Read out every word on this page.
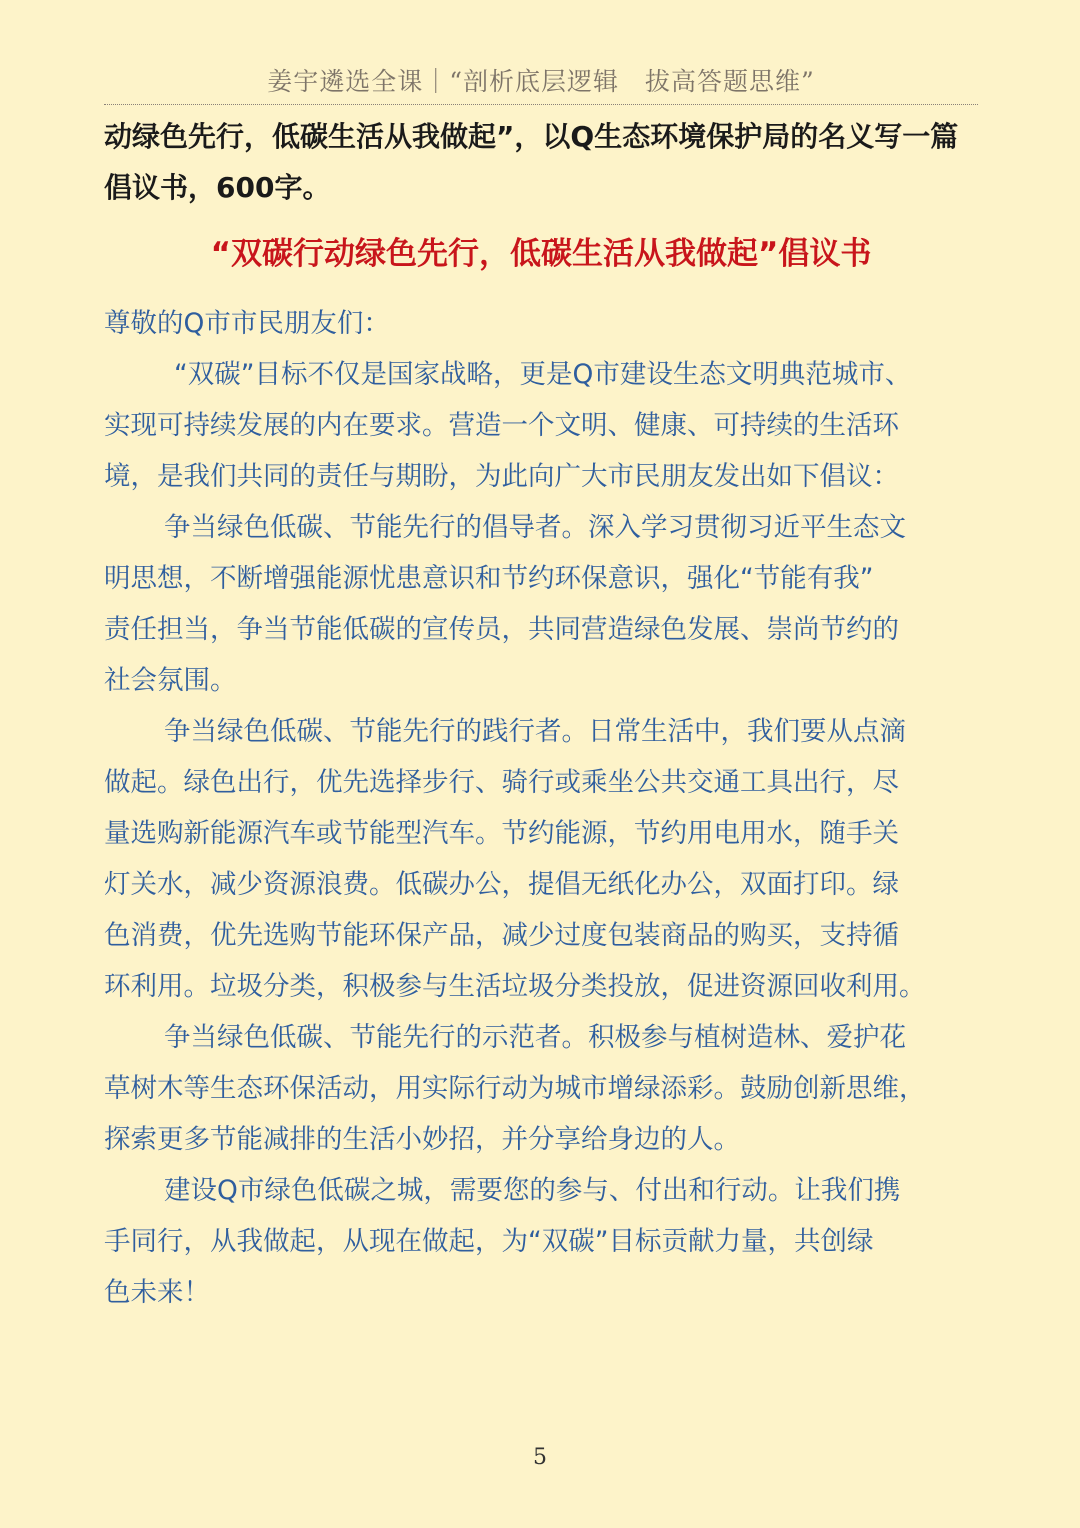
姜宇遴选全课｜“剖析底层逻辑　拔高答题思维”
动绿色先行，低碳生活从我做起”，以Q生态环境保护局的名义写一篇
倡议书，600字。
“双碳行动绿色先行，低碳生活从我做起”倡议书
尊敬的Q市市民朋友们：
“双碳”目标不仅是国家战略，更是Q市建设生态文明典范城市、
实现可持续发展的内在要求。营造一个文明、健康、可持续的生活环
境，是我们共同的责任与期盼，为此向广大市民朋友发出如下倡议：
争当绿色低碳、节能先行的倡导者。深入学习贯彻习近平生态文
明思想，不断增强能源忧患意识和节约环保意识，强化“节能有我”
责任担当，争当节能低碳的宣传员，共同营造绿色发展、崇尚节约的
社会氛围。
争当绿色低碳、节能先行的践行者。日常生活中，我们要从点滴
做起。绿色出行，优先选择步行、骑行或乘坐公共交通工具出行，尽
量选购新能源汽车或节能型汽车。节约能源，节约用电用水，随手关
灯关水，减少资源浪费。低碳办公，提倡无纸化办公，双面打印。绿
色消费，优先选购节能环保产品，减少过度包装商品的购买，支持循
环利用。垃圾分类，积极参与生活垃圾分类投放，促进资源回收利用。
争当绿色低碳、节能先行的示范者。积极参与植树造林、爱护花
草树木等生态环保活动，用实际行动为城市增绿添彩。鼓励创新思维，
探索更多节能减排的生活小妙招，并分享给身边的人。
建设Q市绿色低碳之城，需要您的参与、付出和行动。让我们携
手同行，从我做起，从现在做起，为“双碳”目标贡献力量，共创绿
色未来！
5
